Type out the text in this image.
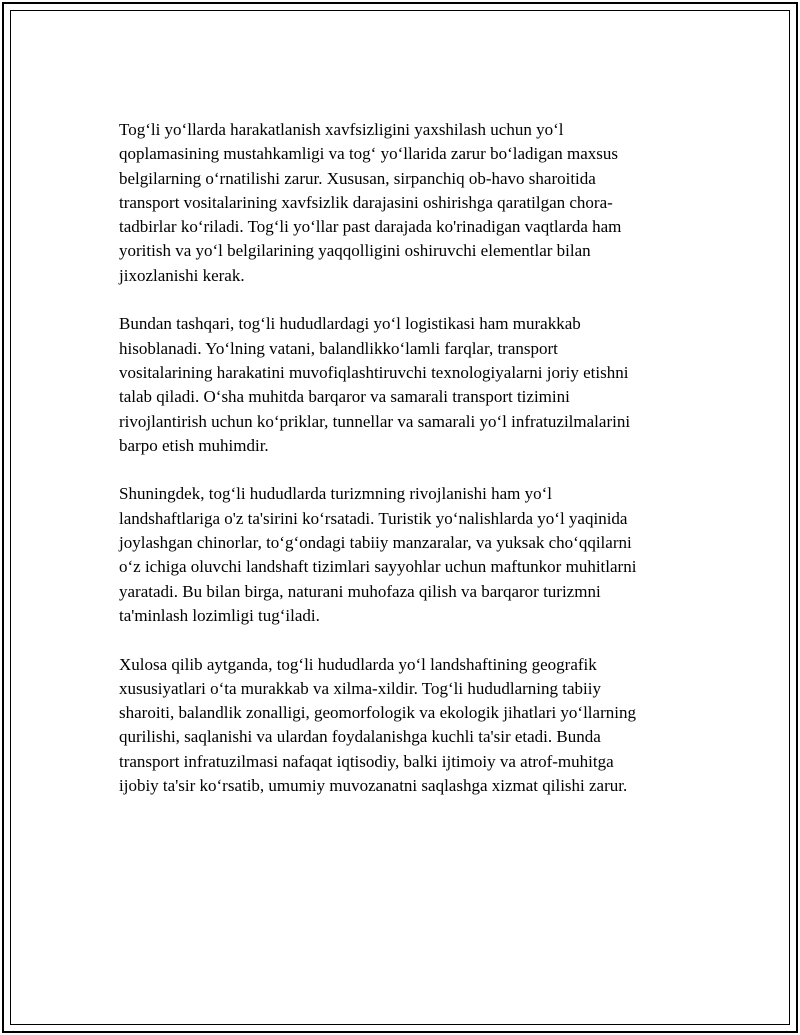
Tog‘li yo‘llarda harakatlanish xavfsizligini yaxshilash uchun yo‘l
qoplamasining mustahkamligi va tog‘ yo‘llarida zarur bo‘ladigan maxsus
belgilarning o‘rnatilishi zarur. Xususan, sirpanchiq ob-havo sharoitida
transport vositalarining xavfsizlik darajasini oshirishga qaratilgan chora-
tadbirlar ko‘riladi. Tog‘li yo‘llar past darajada ko'rinadigan vaqtlarda ham
yoritish va yo‘l belgilarining yaqqolligini oshiruvchi elementlar bilan
jixozlanishi kerak.

Bundan tashqari, tog‘li hududlardagi yo‘l logistikasi ham murakkab
hisoblanadi. Yo‘lning vatani, balandlikko‘lamli farqlar, transport
vositalarining harakatini muvofiqlashtiruvchi texnologiyalarni joriy etishni
talab qiladi. O‘sha muhitda barqaror va samarali transport tizimini
rivojlantirish uchun ko‘priklar, tunnellar va samarali yo‘l infratuzilmalarini
barpo etish muhimdir.

Shuningdek, tog‘li hududlarda turizmning rivojlanishi ham yo‘l
landshaftlariga o'z ta'sirini ko‘rsatadi. Turistik yo‘nalishlarda yo‘l yaqinida
joylashgan chinorlar, to‘g‘ondagi tabiiy manzaralar, va yuksak cho‘qqilarni
o‘z ichiga oluvchi landshaft tizimlari sayyohlar uchun maftunkor muhitlarni
yaratadi. Bu bilan birga, naturani muhofaza qilish va barqaror turizmni
ta'minlash lozimligi tug‘iladi.

Xulosa qilib aytganda, tog‘li hududlarda yo‘l landshaftining geografik
xususiyatlari o‘ta murakkab va xilma-xildir. Tog‘li hududlarning tabiiy
sharoiti, balandlik zonalligi, geomorfologik va ekologik jihatlari yo‘llarning
qurilishi, saqlanishi va ulardan foydalanishga kuchli ta'sir etadi. Bunda
transport infratuzilmasi nafaqat iqtisodiy, balki ijtimoiy va atrof-muhitga
ijobiy ta'sir ko‘rsatib, umumiy muvozanatni saqlashga xizmat qilishi zarur.
